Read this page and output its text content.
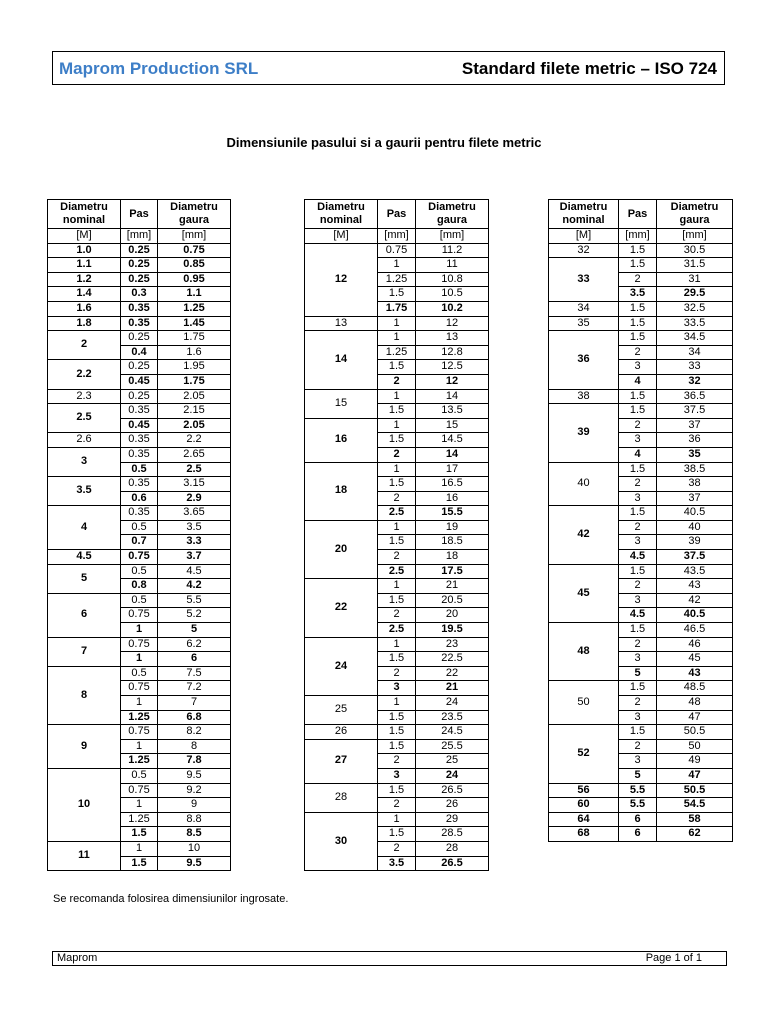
Maprom Production SRL	Standard filete metric – ISO 724
Dimensiunile pasului si a gaurii pentru filete metric
Diametru nominal	Pas	Diametru gaura
[M]	[mm]	[mm]
1.0	0.25	0.75
1.1	0.25	0.85
1.2	0.25	0.95
1.4	0.3	1.1
1.6	0.35	1.25
1.8	0.35	1.45
2	0.25	1.75
	0.4	1.6
2.2	0.25	1.95
	0.45	1.75
2.3	0.25	2.05
2.5	0.35	2.15
	0.45	2.05
2.6	0.35	2.2
3	0.35	2.65
	0.5	2.5
3.5	0.35	3.15
	0.6	2.9
4	0.35	3.65
	0.5	3.5
	0.7	3.3
4.5	0.75	3.7
5	0.5	4.5
	0.8	4.2
6	0.5	5.5
	0.75	5.2
	1	5
7	0.75	6.2
	1	6
8	0.5	7.5
	0.75	7.2
	1	7
	1.25	6.8
9	0.75	8.2
	1	8
	1.25	7.8
10	0.5	9.5
	0.75	9.2
	1	9
	1.25	8.8
	1.5	8.5
11	1	10
	1.5	9.5
Diametru nominal	Pas	Diametru gaura
[M]	[mm]	[mm]
12	0.75	11.2
	1	11
	1.25	10.8
	1.5	10.5
	1.75	10.2
13	1	12
14	1	13
	1.25	12.8
	1.5	12.5
	2	12
15	1	14
	1.5	13.5
16	1	15
	1.5	14.5
	2	14
18	1	17
	1.5	16.5
	2	16
	2.5	15.5
20	1	19
	1.5	18.5
	2	18
	2.5	17.5
22	1	21
	1.5	20.5
	2	20
	2.5	19.5
24	1	23
	1.5	22.5
	2	22
	3	21
25	1	24
	1.5	23.5
26	1.5	24.5
27	1.5	25.5
	2	25
	3	24
28	1.5	26.5
	2	26
30	1	29
	1.5	28.5
	2	28
	3.5	26.5
Diametru nominal	Pas	Diametru gaura
[M]	[mm]	[mm]
32	1.5	30.5
33	1.5	31.5
	2	31
	3.5	29.5
34	1.5	32.5
35	1.5	33.5
36	1.5	34.5
	2	34
	3	33
	4	32
38	1.5	36.5
39	1.5	37.5
	2	37
	3	36
	4	35
40	1.5	38.5
	2	38
	3	37
42	1.5	40.5
	2	40
	3	39
	4.5	37.5
45	1.5	43.5
	2	43
	3	42
	4.5	40.5
48	1.5	46.5
	2	46
	3	45
	5	43
50	1.5	48.5
	2	48
	3	47
52	1.5	50.5
	2	50
	3	49
	5	47
56	5.5	50.5
60	5.5	54.5
64	6	58
68	6	62
Se recomanda folosirea dimensiunilor ingrosate.
Maprom	Page 1 of 1
